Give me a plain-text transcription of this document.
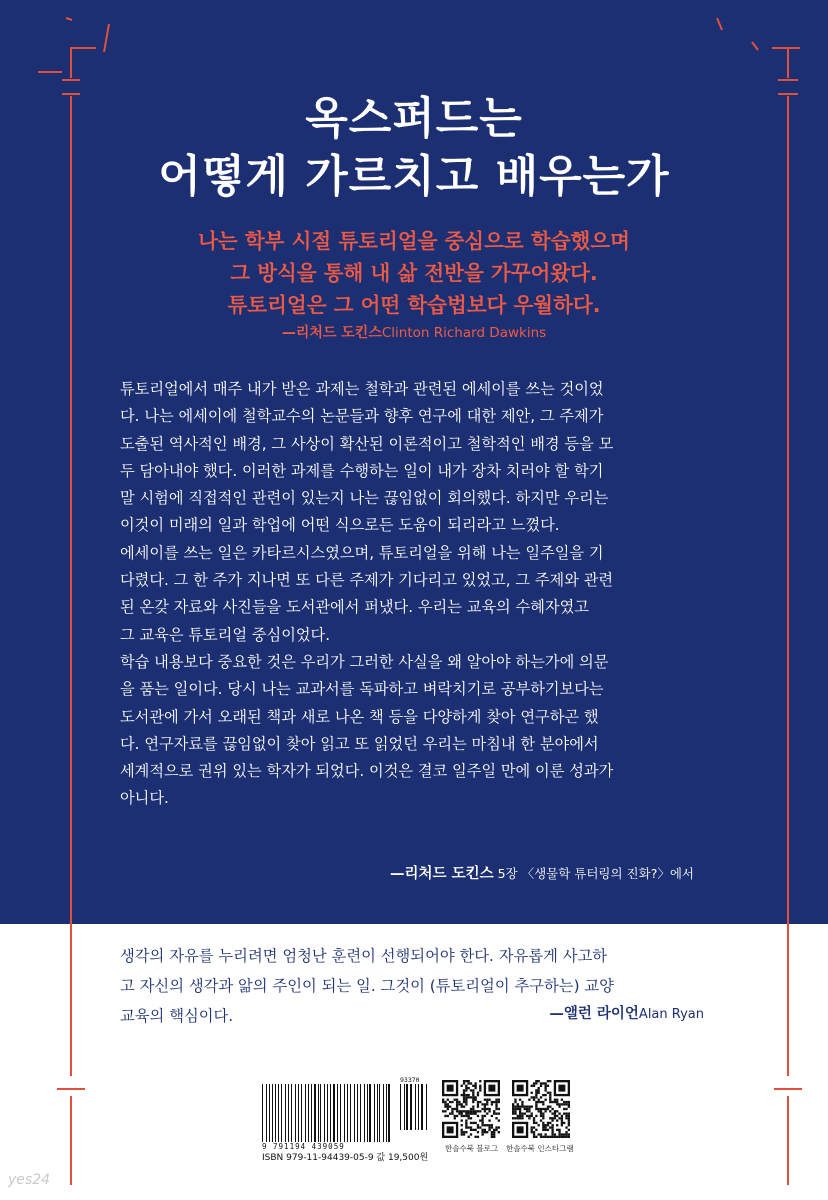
옥스퍼드는
어떻게 가르치고 배우는가
나는 학부 시절 튜토리얼을 중심으로 학습했으며
그 방식을 통해 내 삶 전반을 가꾸어왔다.
튜토리얼은 그 어떤 학습법보다 우월하다.
—리처드 도킨스Clinton Richard Dawkins

튜토리얼에서 매주 내가 받은 과제는 철학과 관련된 에세이를 쓰는 것이었

다. 나는 에세이에 철학교수의 논문들과 향후 연구에 대한 제안, 그 주제가

도출된 역사적인 배경, 그 사상이 확산된 이론적이고 철학적인 배경 등을 모

두 담아내야 했다. 이러한 과제를 수행하는 일이 내가 장차 치러야 할 학기

말 시험에 직접적인 관련이 있는지 나는 끊임없이 회의했다. 하지만 우리는

이것이 미래의 일과 학업에 어떤 식으로든 도움이 되리라고 느꼈다.

에세이를 쓰는 일은 카타르시스였으며, 튜토리얼을 위해 나는 일주일을 기

다렸다. 그 한 주가 지나면 또 다른 주제가 기다리고 있었고, 그 주제와 관련

된 온갖 자료와 사진들을 도서관에서 퍼냈다. 우리는 교육의 수혜자였고

그 교육은 튜토리얼 중심이었다.

학습 내용보다 중요한 것은 우리가 그러한 사실을 왜 알아야 하는가에 의문

을 품는 일이다. 당시 나는 교과서를 독파하고 벼락치기로 공부하기보다는

도서관에 가서 오래된 책과 새로 나온 책 등을 다양하게 찾아 연구하곤 했

다. 연구자료를 끊임없이 찾아 읽고 또 읽었던 우리는 마침내 한 분야에서

세계적으로 권위 있는 학자가 되었다. 이것은 결코 일주일 만에 이룬 성과가

아니다.

—리처드 도킨스 5장 〈생물학 튜터링의 진화?〉에서

생각의 자유를 누리려면 엄청난 훈련이 선행되어야 한다. 자유롭게 사고하

고 자신의 생각과 앎의 주인이 되는 일. 그것이 (튜토리얼이 추구하는) 교양

교육의 핵심이다.	—앨런 라이언Alan Ryan
9 791194 439059
93370
ISBN 979-11-94439-05-9 값 19,500원
한솔수북 블로그 한솔수북 인스타그램
yes24
